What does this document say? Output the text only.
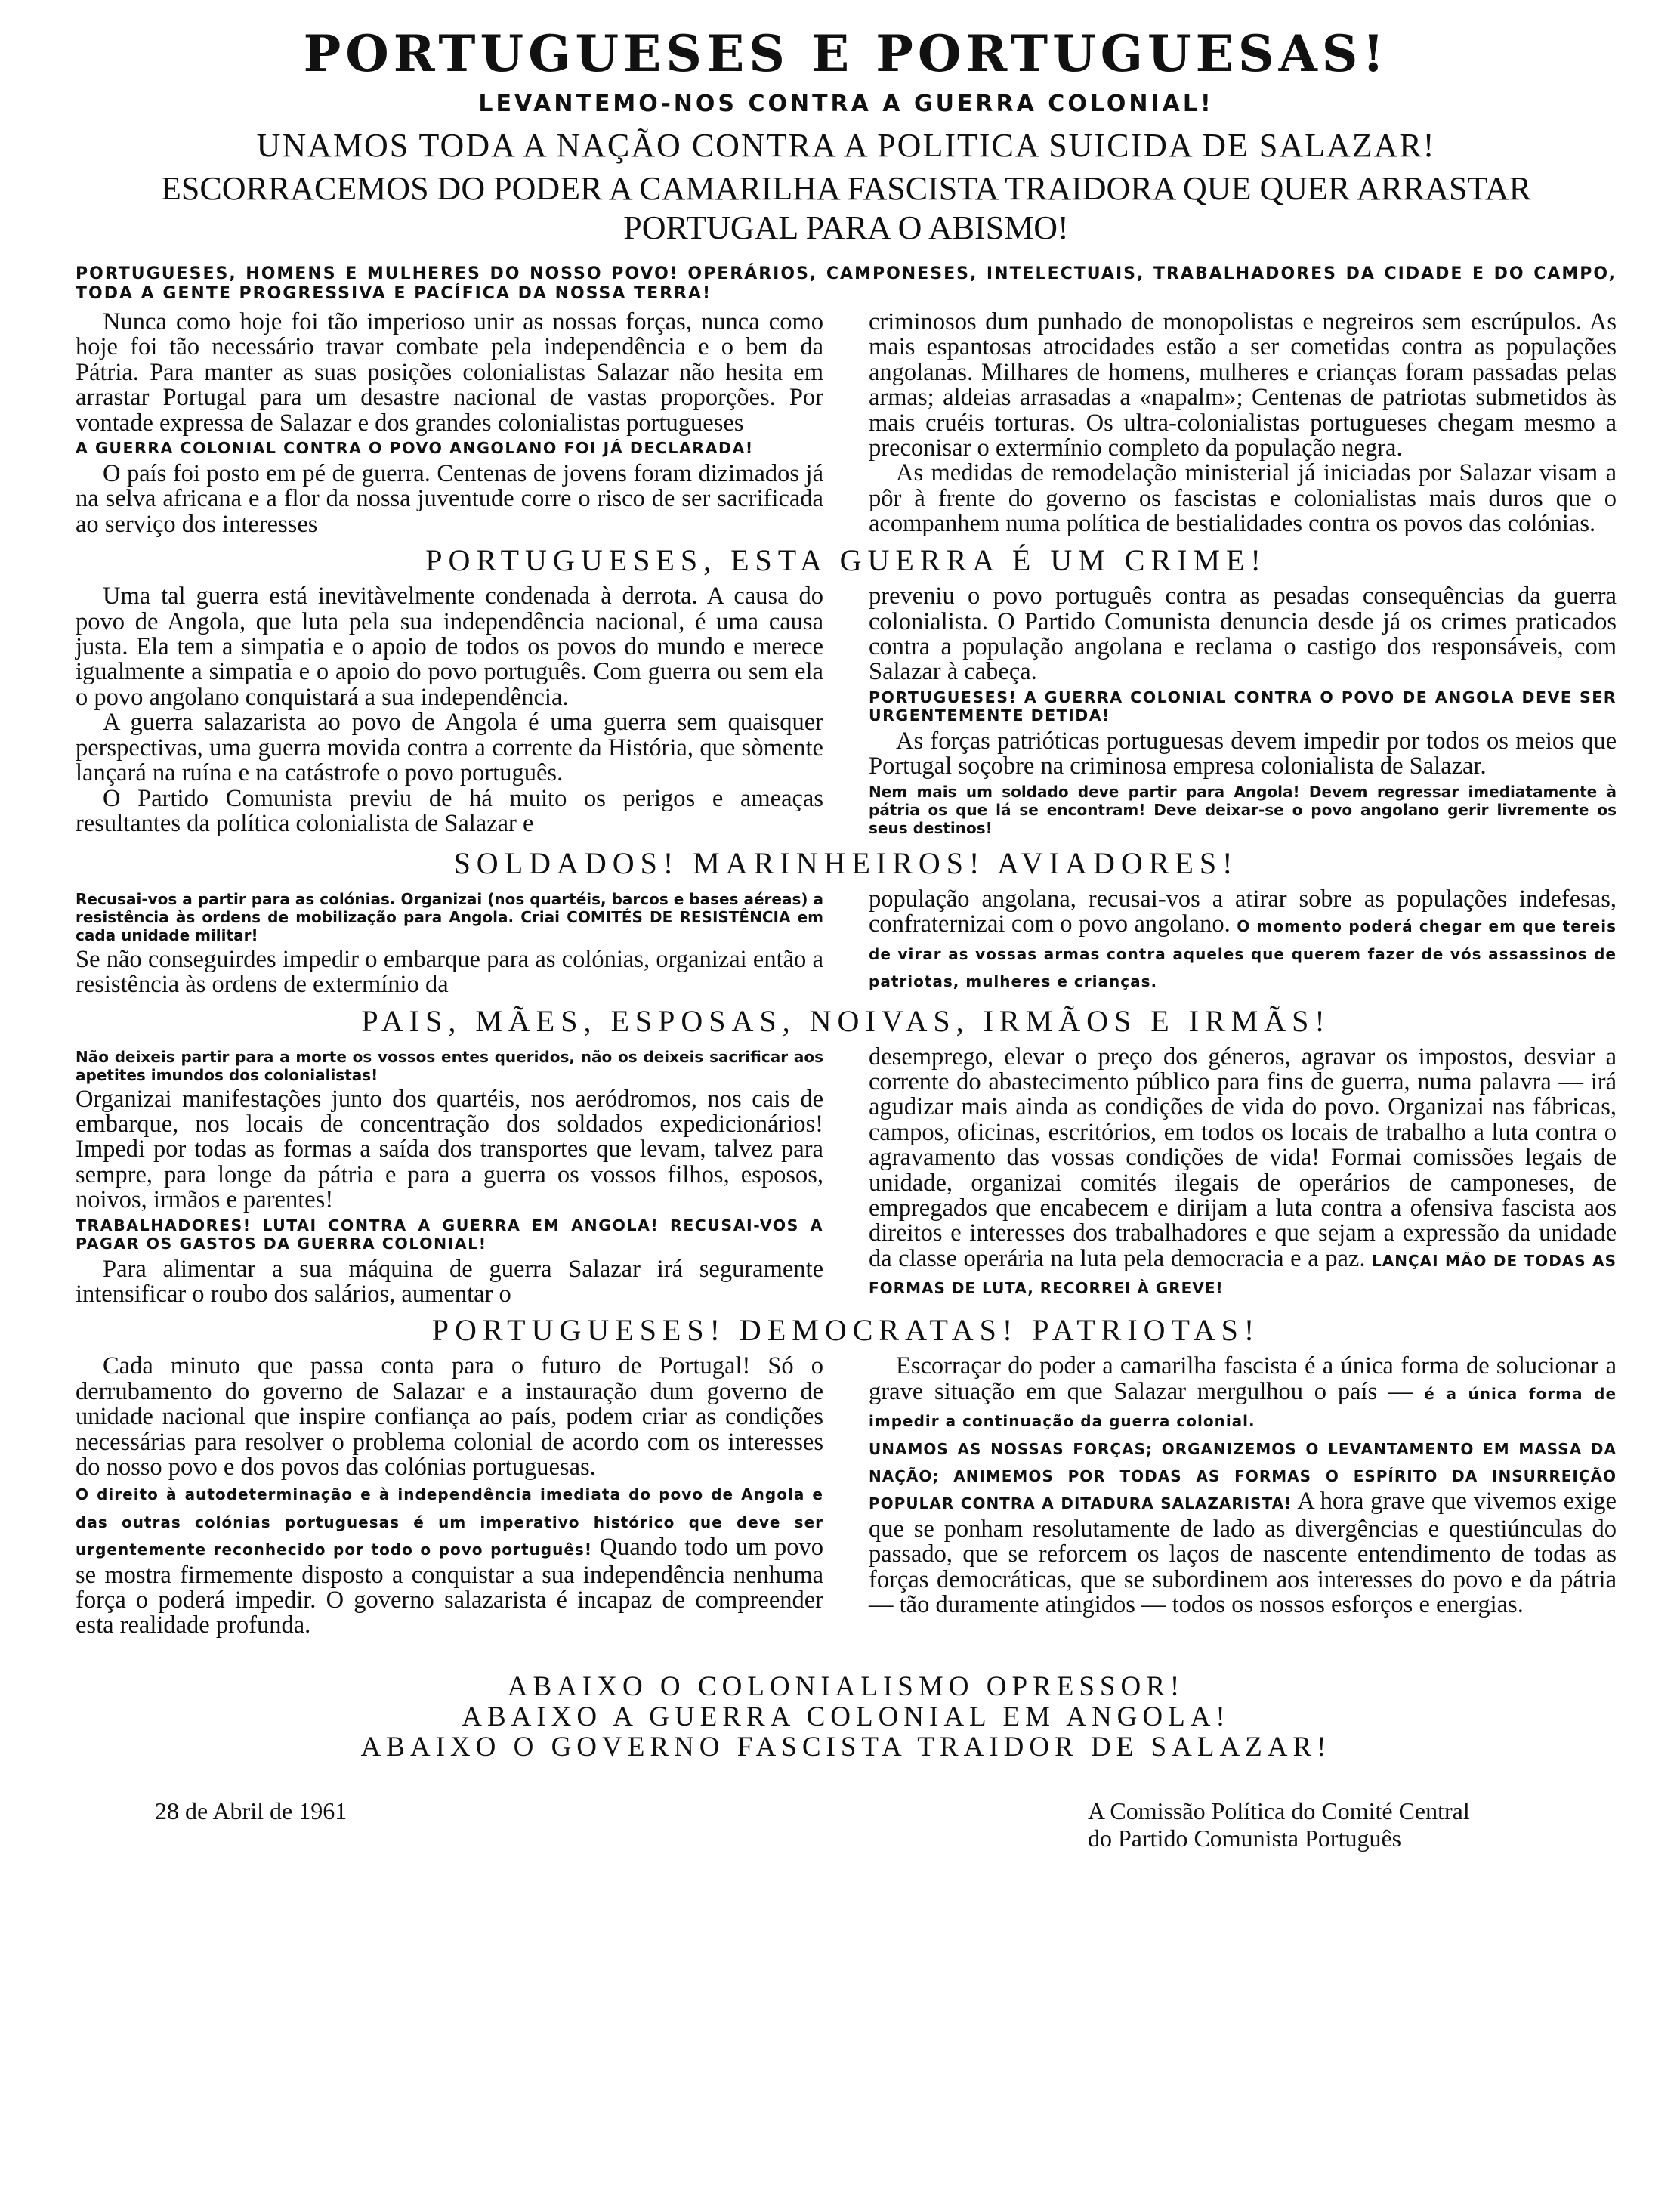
PORTUGUESES E PORTUGUESAS!
LEVANTEMO-NOS CONTRA A GUERRA COLONIAL!
UNAMOS TODA A NAÇÃO CONTRA A POLITICA SUICIDA DE SALAZAR!
ESCORRACEMOS DO PODER A CAMARILHA FASCISTA TRAIDORA QUE QUER ARRASTAR PORTUGAL PARA O ABISMO!
PORTUGUESES, HOMENS E MULHERES DO NOSSO POVO! OPERÁRIOS, CAMPONESES, INTELECTUAIS, TRABALHADORES DA CIDADE E DO CAMPO, TODA A GENTE PROGRESSIVA E PACÍFICA DA NOSSA TERRA!

Nunca como hoje foi tão imperioso unir as nossas forças, nunca como hoje foi tão necessário travar combate pela independência e o bem da Pátria. Para manter as suas posições colonialistas Salazar não hesita em arrastar Portugal para um desastre nacional de vastas proporções. Por vontade expressa de Salazar e dos grandes colonialistas portugueses

A GUERRA COLONIAL CONTRA O POVO ANGOLANO FOI JÁ DECLARADA!

O país foi posto em pé de guerra. Centenas de jovens foram dizimados já na selva africana e a flor da nossa juventude corre o risco de ser sacrificada ao serviço dos interesses

criminosos dum punhado de monopolistas e negreiros sem escrúpulos. As mais espantosas atrocidades estão a ser cometidas contra as populações angolanas. Milhares de homens, mulheres e crianças foram passadas pelas armas; aldeias arrasadas a «napalm»; Centenas de patriotas submetidos às mais cruéis torturas. Os ultra-colonialistas portugueses chegam mesmo a preconisar o extermínio completo da população negra.

As medidas de remodelação ministerial já iniciadas por Salazar visam a pôr à frente do governo os fascistas e colonialistas mais duros que o acompanhem numa política de bestialidades contra os povos das colónias.

PORTUGUESES, ESTA GUERRA É UM CRIME!

Uma tal guerra está inevitàvelmente condenada à derrota. A causa do povo de Angola, que luta pela sua independência nacional, é uma causa justa. Ela tem a simpatia e o apoio de todos os povos do mundo e merece igualmente a simpatia e o apoio do povo português. Com guerra ou sem ela o povo angolano conquistará a sua independência.

A guerra salazarista ao povo de Angola é uma guerra sem quaisquer perspectivas, uma guerra movida contra a corrente da História, que sòmente lançará na ruína e na catástrofe o povo português.

O Partido Comunista previu de há muito os perigos e ameaças resultantes da política colonialista de Salazar e

preveniu o povo português contra as pesadas consequências da guerra colonialista. O Partido Comunista denuncia desde já os crimes praticados contra a população angolana e reclama o castigo dos responsáveis, com Salazar à cabeça.

PORTUGUESES! A GUERRA COLONIAL CONTRA O POVO DE ANGOLA DEVE SER URGENTEMENTE DETIDA!

As forças patrióticas portuguesas devem impedir por todos os meios que Portugal soçobre na criminosa empresa colonialista de Salazar.

Nem mais um soldado deve partir para Angola! Devem regressar imediatamente à pátria os que lá se encontram! Deve deixar-se o povo angolano gerir livremente os seus destinos!

SOLDADOS! MARINHEIROS! AVIADORES!

Recusai-vos a partir para as colónias. Organizai (nos quartéis, barcos e bases aéreas) a resistência às ordens de mobilização para Angola. Criai COMITÉS DE RESISTÊNCIA em cada unidade militar!

Se não conseguirdes impedir o embarque para as colónias, organizai então a resistência às ordens de extermínio da

população angolana, recusai-vos a atirar sobre as populações indefesas, confraternizai com o povo angolano. O momento poderá chegar em que tereis de virar as vossas armas contra aqueles que querem fazer de vós assassinos de patriotas, mulheres e crianças.

PAIS, MÃES, ESPOSAS, NOIVAS, IRMÃOS E IRMÃS!

Não deixeis partir para a morte os vossos entes queridos, não os deixeis sacrificar aos apetites imundos dos colonialistas!

Organizai manifestações junto dos quartéis, nos aeródromos, nos cais de embarque, nos locais de concentração dos soldados expedicionários! Impedi por todas as formas a saída dos transportes que levam, talvez para sempre, para longe da pátria e para a guerra os vossos filhos, esposos, noivos, irmãos e parentes!

TRABALHADORES! LUTAI CONTRA A GUERRA EM ANGOLA! RECUSAI-VOS A PAGAR OS GASTOS DA GUERRA COLONIAL!

Para alimentar a sua máquina de guerra Salazar irá seguramente intensificar o roubo dos salários, aumentar o

desemprego, elevar o preço dos géneros, agravar os impostos, desviar a corrente do abastecimento público para fins de guerra, numa palavra — irá agudizar mais ainda as condições de vida do povo. Organizai nas fábricas, campos, oficinas, escritórios, em todos os locais de trabalho a luta contra o agravamento das vossas condições de vida! Formai comissões legais de unidade, organizai comités ilegais de operários de camponeses, de empregados que encabecem e dirijam a luta contra a ofensiva fascista aos direitos e interesses dos trabalhadores e que sejam a expressão da unidade da classe operária na luta pela democracia e a paz. LANÇAI MÃO DE TODAS AS FORMAS DE LUTA, RECORREI À GREVE!

PORTUGUESES! DEMOCRATAS! PATRIOTAS!

Cada minuto que passa conta para o futuro de Portugal! Só o derrubamento do governo de Salazar e a instauração dum governo de unidade nacional que inspire confiança ao país, podem criar as condições necessárias para resolver o problema colonial de acordo com os interesses do nosso povo e dos povos das colónias portuguesas.

O direito à autodeterminação e à independência imediata do povo de Angola e das outras colónias portuguesas é um imperativo histórico que deve ser urgentemente reconhecido por todo o povo português! Quando todo um povo se mostra firmemente disposto a conquistar a sua independência nenhuma força o poderá impedir. O governo salazarista é incapaz de compreender esta realidade profunda.

Escorraçar do poder a camarilha fascista é a única forma de solucionar a grave situação em que Salazar mergulhou o país — é a única forma de impedir a continuação da guerra colonial.

UNAMOS AS NOSSAS FORÇAS; ORGANIZEMOS O LEVANTAMENTO EM MASSA DA NAÇÃO; ANIMEMOS POR TODAS AS FORMAS O ESPÍRITO DA INSURREIÇÃO POPULAR CONTRA A DITADURA SALAZARISTA! A hora grave que vivemos exige que se ponham resolutamente de lado as divergências e questiúnculas do passado, que se reforcem os laços de nascente entendimento de todas as forças democráticas, que se subordinem aos interesses do povo e da pátria — tão duramente atingidos — todos os nossos esforços e energias.

ABAIXO O COLONIALISMO OPRESSOR!
ABAIXO A GUERRA COLONIAL EM ANGOLA!
ABAIXO O GOVERNO FASCISTA TRAIDOR DE SALAZAR!
28 de Abril de 1961	A Comissão Política do Comité Central
do Partido Comunista Português
